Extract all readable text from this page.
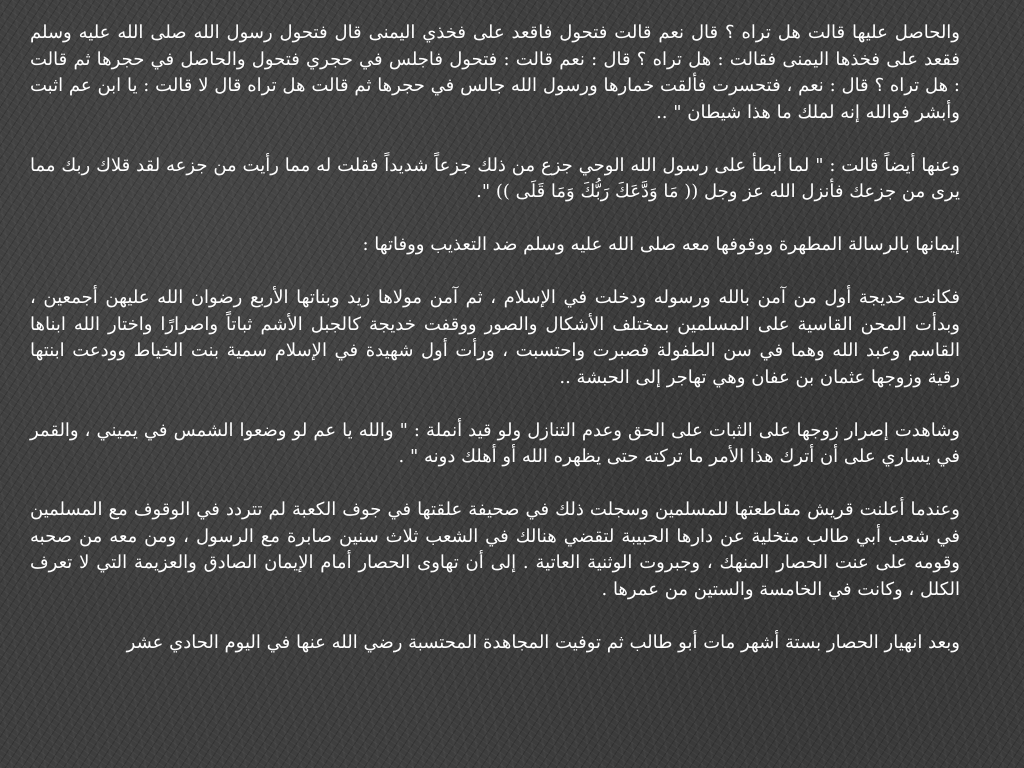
والحاصل عليها قالت هل تراه ؟ قال نعم قالت فتحول فاقعد على فخذي اليمنى قال فتحول رسول الله صلى الله عليه وسلم فقعد على فخذها اليمنى فقالت : هل تراه ؟ قال : نعم قالت : فتحول فاجلس في حجري فتحول والحاصل في حجرها ثم قالت : هل تراه ؟ قال : نعم ، فتحسرت فألقت خمارها ورسول الله جالس في حجرها ثم قالت هل تراه قال لا قالت : يا ابن عم اثبت وأبشر فوالله إنه لملك ما هذا شيطان " ..

وعنها أيضاً قالت : " لما أبطأ على رسول الله الوحي جزع من ذلك جزعاً شديداً فقلت له مما رأيت من جزعه لقد قلاك ربك مما يرى من جزعك فأنزل الله عز وجل (( مَا وَدَّعَكَ رَبُّكَ وَمَا قَلَى )) ".

إيمانها بالرسالة المطهرة ووقوفها معه صلى الله عليه وسلم ضد التعذيب ووفاتها :

فكانت خديجة أول من آمن بالله ورسوله ودخلت في الإسلام ، ثم آمن مولاها زيد وبناتها الأربع رضوان الله عليهن أجمعين ، وبدأت المحن القاسية على المسلمين بمختلف الأشكال والصور ووقفت خديجة كالجبل الأشم ثباتاً واصرارًا واختار الله ابناها القاسم وعبد الله وهما في سن الطفولة فصبرت واحتسبت ، ورأت أول شهيدة في الإسلام سمية بنت الخياط وودعت ابنتها رقية وزوجها عثمان بن عفان وهي تهاجر إلى الحبشة ..

وشاهدت إصرار زوجها على الثبات على الحق وعدم التنازل ولو قيد أنملة : " والله يا عم لو وضعوا الشمس في يميني ، والقمر في يساري على أن أترك هذا الأمر ما تركته حتى يظهره الله أو أهلك دونه " .

وعندما أعلنت قريش مقاطعتها للمسلمين وسجلت ذلك في صحيفة علقتها في جوف الكعبة لم تتردد في الوقوف مع المسلمين في شعب أبي طالب متخلية عن دارها الحبيبة لتقضي هنالك في الشعب ثلاث سنين صابرة مع الرسول ، ومن معه من صحبه وقومه على عنت الحصار المنهك ، وجبروت الوثنية العاتية . إلى أن تهاوى الحصار أمام الإيمان الصادق والعزيمة التي لا تعرف الكلل ، وكانت في الخامسة والستين من عمرها .

وبعد انهيار الحصار بستة أشهر مات أبو طالب ثم توفيت المجاهدة المحتسبة رضي الله عنها في اليوم الحادي عشر
